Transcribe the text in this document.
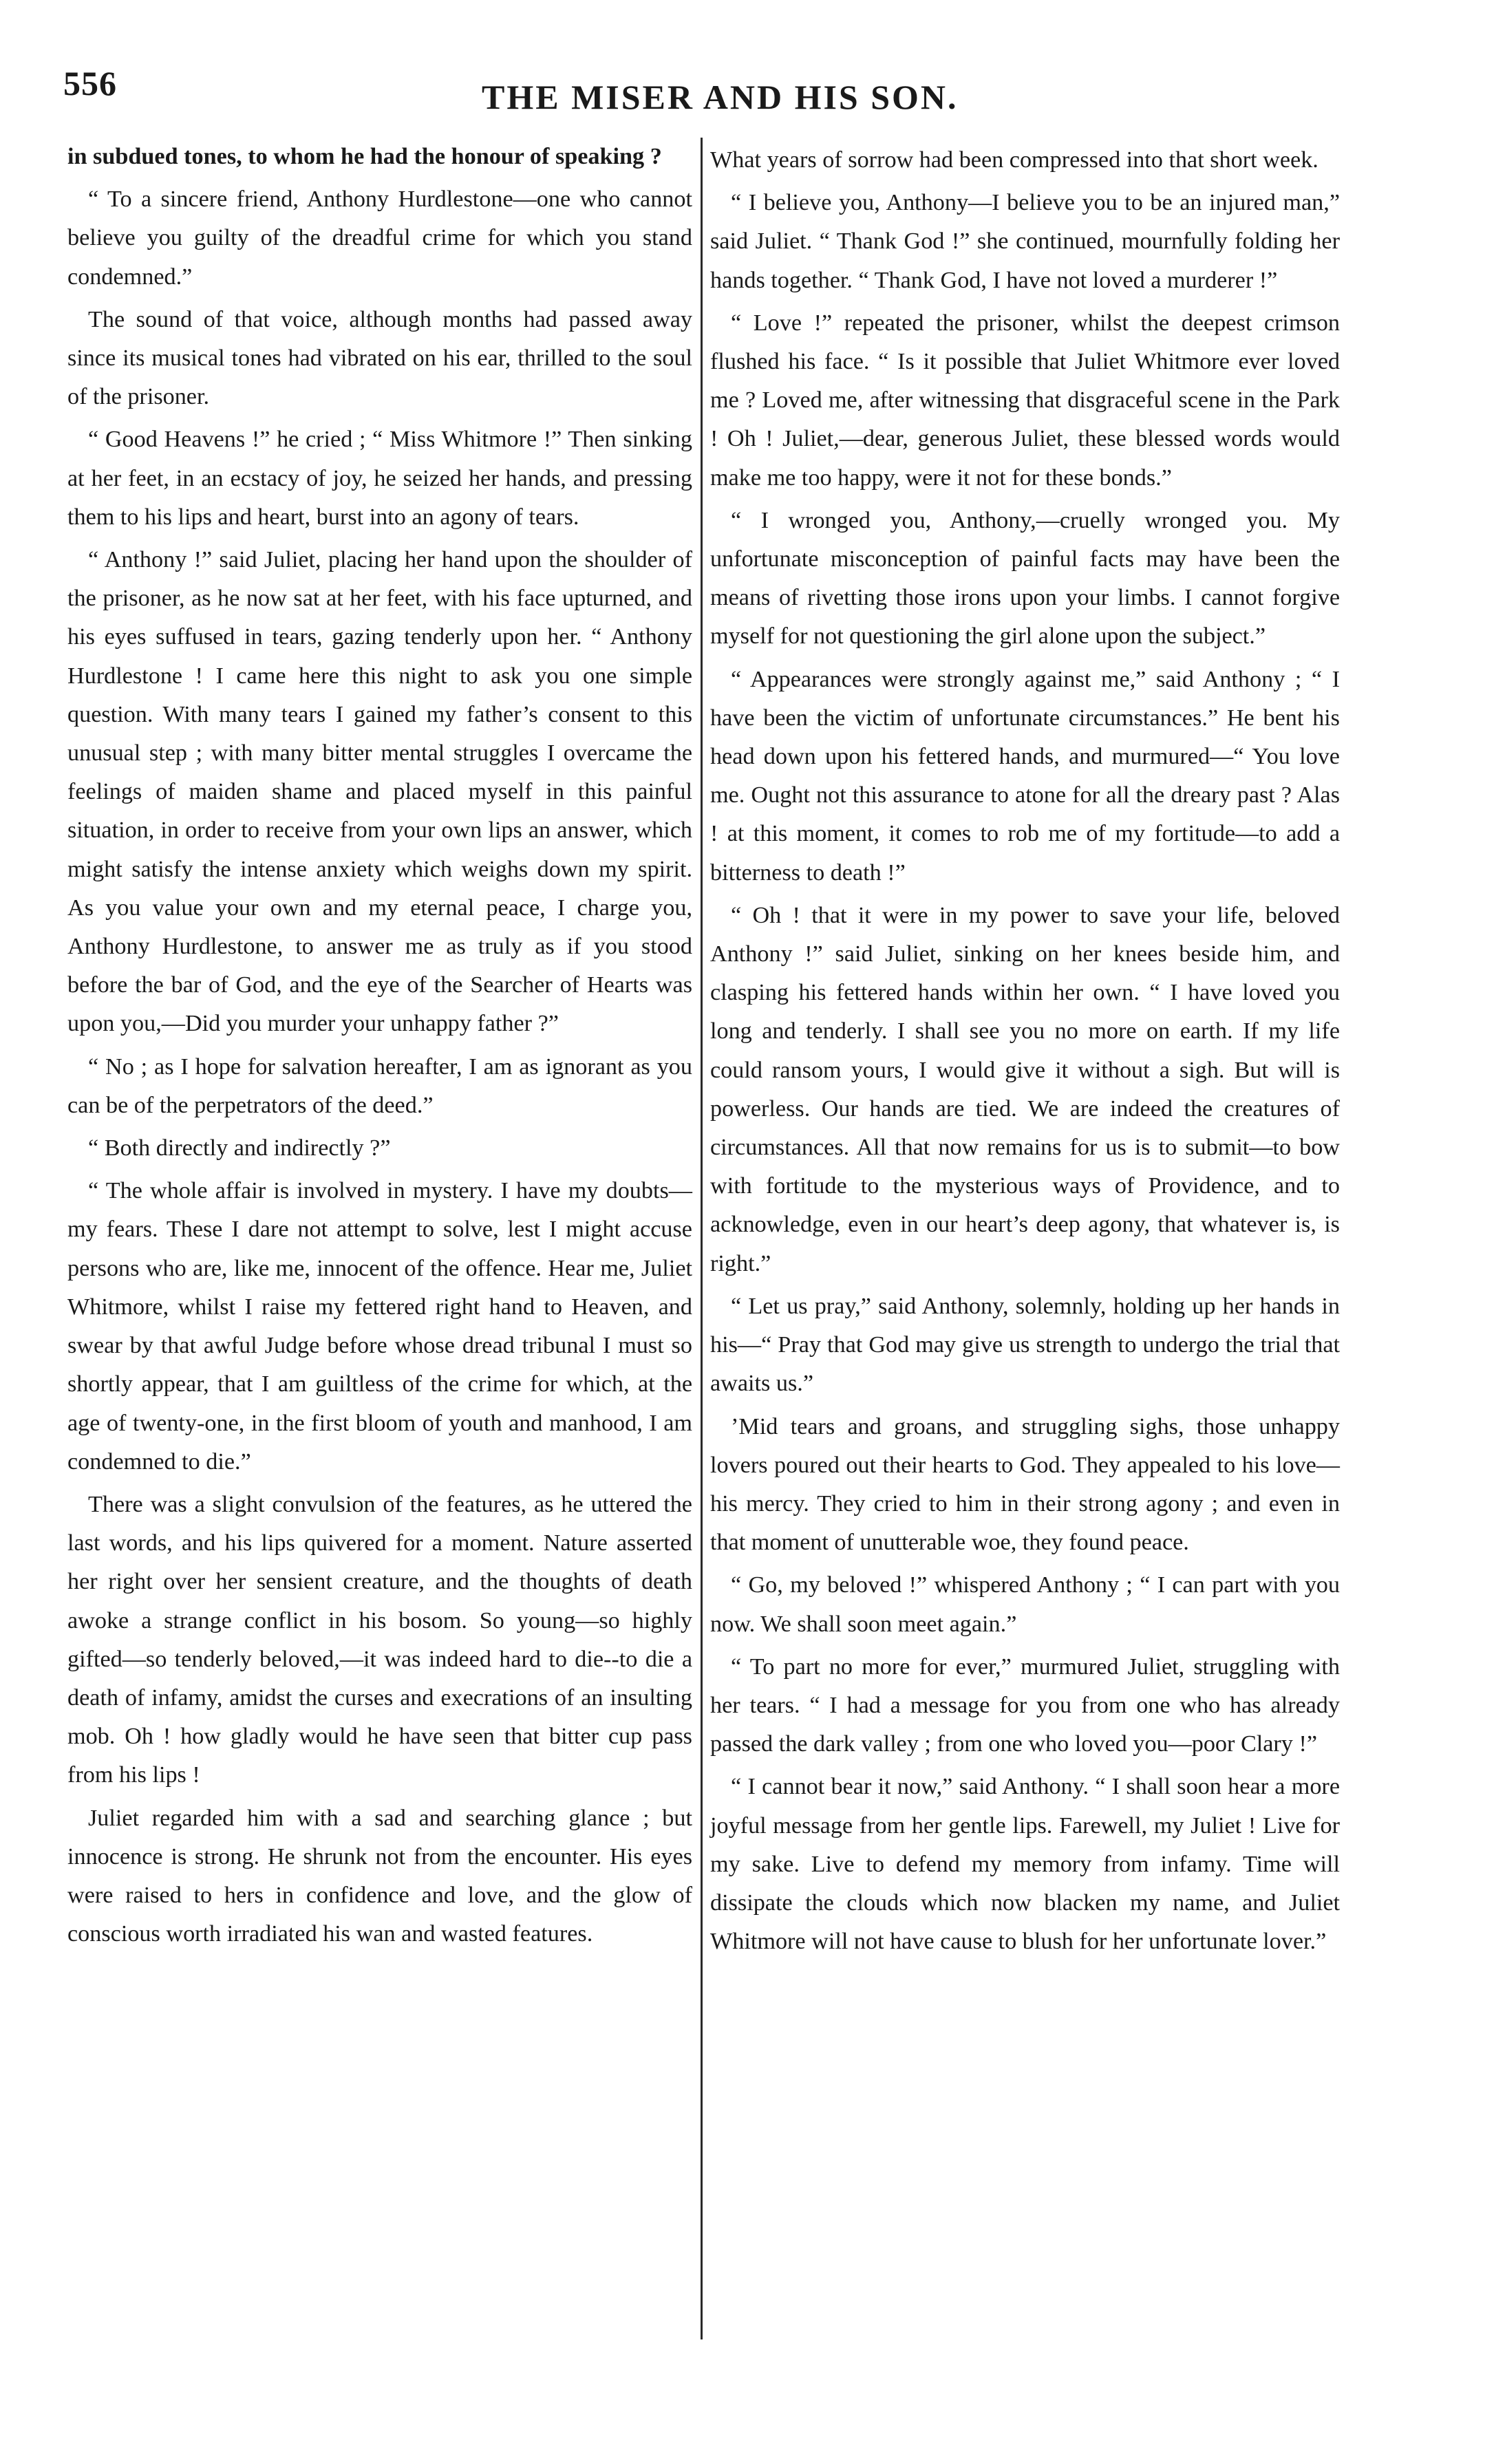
556	THE MISER AND HIS SON.

in subdued tones, to whom he had the honour of speaking ?

“ To a sincere friend, Anthony Hurdlestone—one who cannot believe you guilty of the dreadful crime for which you stand condemned.”

The sound of that voice, although months had passed away since its musical tones had vibrated on his ear, thrilled to the soul of the prisoner.

“ Good Heavens !” he cried ; “ Miss Whitmore !” Then sinking at her feet, in an ecstacy of joy, he seized her hands, and pressing them to his lips and heart, burst into an agony of tears.

“ Anthony !” said Juliet, placing her hand upon the shoulder of the prisoner, as he now sat at her feet, with his face upturned, and his eyes suffused in tears, gazing tenderly upon her. “ Anthony Hurdlestone ! I came here this night to ask you one simple question. With many tears I gained my father’s consent to this unusual step ; with many bitter mental struggles I overcame the feelings of maiden shame and placed myself in this painful situation, in order to receive from your own lips an answer, which might satisfy the intense anxiety which weighs down my spirit. As you value your own and my eternal peace, I charge you, Anthony Hurdlestone, to answer me as truly as if you stood before the bar of God, and the eye of the Searcher of Hearts was upon you,—Did you murder your unhappy father ?”

“ No ; as I hope for salvation hereafter, I am as ignorant as you can be of the perpetrators of the deed.”

“ Both directly and indirectly ?”

“ The whole affair is involved in mystery. I have my doubts—my fears. These I dare not attempt to solve, lest I might accuse persons who are, like me, innocent of the offence. Hear me, Juliet Whitmore, whilst I raise my fettered right hand to Heaven, and swear by that awful Judge before whose dread tribunal I must so shortly appear, that I am guiltless of the crime for which, at the age of twenty-one, in the first bloom of youth and manhood, I am condemned to die.”

There was a slight convulsion of the features, as he uttered the last words, and his lips quivered for a moment. Nature asserted her right over her sensient creature, and the thoughts of death awoke a strange conflict in his bosom. So young—so highly gifted—so tenderly beloved,—it was indeed hard to die--to die a death of infamy, amidst the curses and execrations of an insulting mob. Oh ! how gladly would he have seen that bitter cup pass from his lips !

Juliet regarded him with a sad and searching glance ; but innocence is strong. He shrunk not from the encounter. His eyes were raised to hers in confidence and love, and the glow of conscious worth irradiated his wan and wasted features.

What years of sorrow had been compressed into that short week.

“ I believe you, Anthony—I believe you to be an injured man,” said Juliet. “ Thank God !” she continued, mournfully folding her hands together. “ Thank God, I have not loved a murderer !”

“ Love !” repeated the prisoner, whilst the deepest crimson flushed his face. “ Is it possible that Juliet Whitmore ever loved me ? Loved me, after witnessing that disgraceful scene in the Park ! Oh ! Juliet,—dear, generous Juliet, these blessed words would make me too happy, were it not for these bonds.”

“ I wronged you, Anthony,—cruelly wronged you. My unfortunate misconception of painful facts may have been the means of rivetting those irons upon your limbs. I cannot forgive myself for not questioning the girl alone upon the subject.”

“ Appearances were strongly against me,” said Anthony ; “ I have been the victim of unfortunate circumstances.” He bent his head down upon his fettered hands, and murmured—“ You love me. Ought not this assurance to atone for all the dreary past ? Alas ! at this moment, it comes to rob me of my fortitude—to add a bitterness to death !”

“ Oh ! that it were in my power to save your life, beloved Anthony !” said Juliet, sinking on her knees beside him, and clasping his fettered hands within her own. “ I have loved you long and tenderly. I shall see you no more on earth. If my life could ransom yours, I would give it without a sigh. But will is powerless. Our hands are tied. We are indeed the creatures of circumstances. All that now remains for us is to submit—to bow with fortitude to the mysterious ways of Providence, and to acknowledge, even in our heart’s deep agony, that whatever is, is right.”

“ Let us pray,” said Anthony, solemnly, holding up her hands in his—“ Pray that God may give us strength to undergo the trial that awaits us.”

’Mid tears and groans, and struggling sighs, those unhappy lovers poured out their hearts to God. They appealed to his love—his mercy. They cried to him in their strong agony ; and even in that moment of unutterable woe, they found peace.

“ Go, my beloved !” whispered Anthony ; “ I can part with you now. We shall soon meet again.”

“ To part no more for ever,” murmured Juliet, struggling with her tears. “ I had a message for you from one who has already passed the dark valley ; from one who loved you—poor Clary !”

“ I cannot bear it now,” said Anthony. “ I shall soon hear a more joyful message from her gentle lips. Farewell, my Juliet ! Live for my sake. Live to defend my memory from infamy. Time will dissipate the clouds which now blacken my name, and Juliet Whitmore will not have cause to blush for her unfortunate lover.”
